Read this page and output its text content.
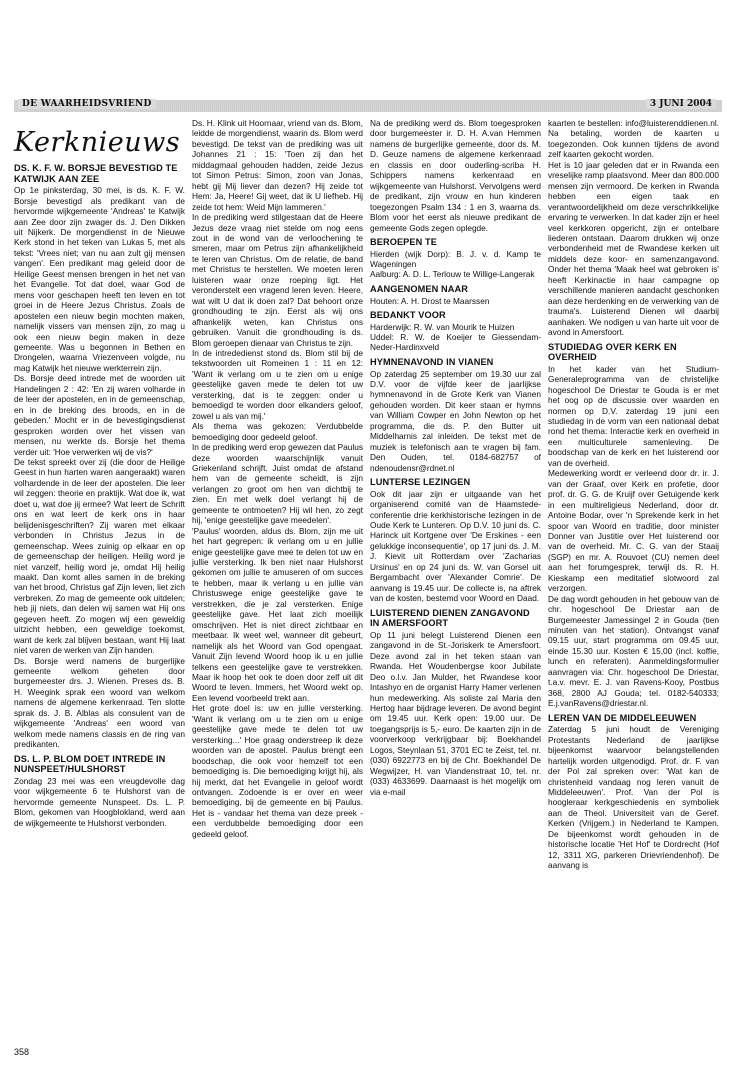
DE WAARHEIDSVRIEND	3 JUNI 2004
Kerknieuws
DS. K. F. W. BORSJE BEVESTIGD TE KATWIJK AAN ZEE

Op 1e pinksterdag, 30 mei, is ds. K. F. W. Borsje bevestigd als predikant van de hervormde wijkgemeente 'Andreas' te Katwijk aan Zee door zijn zwager ds. J. Den Dikken uit Nijkerk. De morgendienst in de Nieuwe Kerk stond in het teken van Lukas 5, met als tekst: 'Vrees niet; van nu aan zult gij mensen vangen'. Een predikant mag geleid door de Heilige Geest mensen brengen in het net van het Evangelie. Tot dat doel, waar God de mens voor geschapen heeft ten leven en tot groei in de Heere Jezus Christus. Zoals de apostelen een nieuw begin mochten maken, namelijk vissers van mensen zijn, zo mag u ook een nieuw begin maken in deze gemeente. Was u begonnen in Bethen en Drongelen, waarna Vriezenveen volgde, nu mag Katwijk het nieuwe werkterrein zijn.

Ds. Borsje deed intrede met de woorden uit Handelingen 2 : 42: 'En zij waren volharde in de leer der apostelen, en in de gemeenschap, en in de breking des broods, en in de gebeden.' Mocht er in de bevestigingsdienst gesproken worden over het vissen van mensen, nu werkte ds. Borsje het thema verder uit: 'Hoe verwerken wij de vis?'

De tekst spreekt over zij (die door de Heilige Geest in hun harten waren aangeraakt) waren volhardende in de leer der apostelen. Die leer wil zeggen: theorie en praktijk. Wat doe ik, wat doet u, wat doe jij ermee? Wat leert de Schrift ons en wat leert de kerk ons in haar belijdenisgeschriften? Zij waren met elkaar verbonden in Christus Jezus in de gemeenschap. Wees zuinig op elkaar en op de gemeenschap der heiligen. Heilig word je niet vanzelf, heilig word je, omdat Hij heilig maakt. Dan komt alles samen in de breking van het brood, Christus gaf Zijn leven, liet zich verbreken. Zo mag de gemeente ook uitdelen; heb jij niets, dan delen wij samen wat Hij ons gegeven heeft. Zo mogen wij een geweldig uitzicht hebben, een geweldige toekomst, want de kerk zal blijven bestaan, want Hij laat niet varen de werken van Zijn handen.

Ds. Borsje werd namens de burgerlijke gemeente welkom geheten door burgemeester drs. J. Wienen. Preses ds. B. H. Weegink sprak een woord van welkom namens de algemene kerkenraad. Ten slotte sprak ds. J. B. Alblas als consulent van de wijkgemeente 'Andreas' een woord van welkom mede namens classis en de ring van predikanten.

DS. L. P. BLOM DOET INTREDE IN NUNSPEET/HULSHORST

Zondag 23 mei was een vreugdevolle dag voor wijkgemeente 6 te Hulshorst van de hervormde gemeente Nunspeet. Ds. L. P. Blom, gekomen van Hoogblokland, werd aan de wijkgemeente te Hulshorst verbonden.

Ds. H. Klink uit Hoornaar, vriend van ds. Blom, leidde de morgendienst, waarin ds. Blom werd bevestigd. De tekst van de prediking was uit Johannes 21 : 15: 'Toen zij dan het middagmaal gehouden hadden, zeide Jezus tot Simon Petrus: Simon, zoon van Jonas, hebt gij Mij liever dan dezen? Hij zeide tot Hem: Ja, Heere! Gij weet, dat ik U liefheb. Hij zeide tot hem: Weid Mijn lammeren.'

In de prediking werd stilgestaan dat de Heere Jezus deze vraag niet stelde om nog eens zout in de wond van de verloochening te smeren, maar om Petrus zijn afhankelijkheid te leren van Christus. Om de relatie, de band met Christus te herstellen. We moeten leren luisteren waar onze roeping ligt. Het veronderstelt een vragend leren leven. Heere, wat wilt U dat ik doen zal? Dat behoort onze grondhouding te zijn. Eerst als wij ons afhankelijk weten, kan Christus ons gebruiken. Vanuit die grondhouding is ds. Blom geroepen dienaar van Christus te zijn.

In de intrededienst stond ds. Blom stil bij de tekstwoorden uit Romeinen 1 : 11 en 12: 'Want ik verlang om u te zien om u enige geestelijke gaven mede te delen tot uw versterking, dat is te zeggen: onder u bemoedigd te worden door elkanders geloof, zowel u als van mij.'

Als thema was gekozen: Verdubbelde bemoediging door gedeeld geloof.

In de prediking werd erop gewezen dat Paulus deze woorden waarschijnlijk vanuit Griekenland schrijft. Juist omdat de afstand hem van de gemeente scheidt, is zijn verlangen zo groot om hen van dichtbij te zien. En met welk doel verlangt hij de gemeente te ontmoeten? Hij wil hen, zo zegt hij, 'enige geestelijke gave meedelen'.

'Paulus' woorden, aldus ds. Blom, zijn me uit het hart gegrepen: ik verlang om u en jullie enige geestelijke gave mee te delen tot uw en jullie versterking. Ik ben niet naar Hulshorst gekomen om jullie te amuseren of om succes te hebben, maar ik verlang u en jullie van Christuswege enige geestelijke gave te verstrekken, die je zal versterken. Enige geestelijke gave. Het laat zich moeilijk omschrijven. Het is niet direct zichtbaar en meetbaar. Ik weet wel, wanneer dit gebeurt, namelijk als het Woord van God opengaat. Vanuit Zijn levend Woord hoop ik u en jullie telkens een geestelijke gave te verstrekken. Maar ik hoop het ook te doen door zelf uit dit Woord te leven. Immers, het Woord wekt op. Een levend voorbeeld trekt aan.

Het grote doel is: uw en jullie versterking. 'Want ik verlang om u te zien om u enige geestelijke gave mede te delen tot uw versterking...' Hoe graag onderstreep ik deze woorden van de apostel. Paulus brengt een boodschap, die ook voor hemzelf tot een bemoediging is. Die bemoediging krijgt hij, als hij merkt, dat het Evangelie in geloof wordt ontvangen. Zodoende is er over en weer bemoediging, bij de gemeente en bij Paulus. Het is - vandaar het thema van deze preek - een verdubbelde bemoediging door een gedeeld geloof.

Na de prediking werd ds. Blom toegesproken door burgemeester ir. D. H. A.van Hemmen namens de burgerlijke gemeente, door ds. M. D. Geuze namens de algemene kerkenraad en classis en door ouderling-scriba H. Schippers namens kerkenraad en wijkgemeente van Hulshorst. Vervolgens werd de predikant, zijn vrouw en hun kinderen toegezongen Psalm 134 : 1 en 3, waarna ds. Blom voor het eerst als nieuwe predikant de gemeente Gods zegen oplegde.

BEROEPEN TE

Hierden (wijk Dorp): B. J. v. d. Kamp te Wageningen

Aalburg: A. D. L. Terlouw te Willige-Langerak

AANGENOMEN NAAR

Houten: A. H. Drost te Maarssen

BEDANKT VOOR

Harderwijk: R. W. van Mourik te Huizen

Uddel: R. W. de Koeijer te Giessendam-Neder-Hardinxveld

HYMNENAVOND IN VIANEN

Op zaterdag 25 september om 19.30 uur zal D.V. voor de vijfde keer de jaarlijkse hymnenavond in de Grote Kerk van Vianen gehouden worden. Dit keer staan er hymns van William Cowper en John Newton op het programma, die ds. P. den Butter uit Middelharnis zal inleiden. De tekst met de muziek is telefonisch aan te vragen bij fam. Den Ouden, tel. 0184-682757 of ndenoudensr@rdnet.nl

LUNTERSE LEZINGEN

Ook dit jaar zijn er uitgaande van het organiserend comité van de Haamstede-conferentie drie kerkhistorische lezingen in de Oude Kerk te Lunteren. Op D.V. 10 juni ds. C. Harinck uit Kortgene over 'De Erskines - een gelukkige inconsequentie', op 17 juni ds. J. M. J. Kievit uit Rotterdam over 'Zacharias Ursinus' en op 24 juni ds. W. van Gorsel uit Bergambacht over 'Alexander Comrie'. De aanvang is 19.45 uur. De collecte is, na aftrek van de kosten, bestemd voor Woord en Daad.

LUISTEREND DIENEN ZANGAVOND IN AMERSFOORT

Op 11 juni belegt Luisterend Dienen een zangavond in de St.-Joriskerk te Amersfoort. Deze avond zal in het teken staan van Rwanda. Het Woudenbergse koor Jubilate Deo o.l.v. Jan Mulder, het Rwandese koor Intashyo en de organist Harry Hamer verlenen hun medewerking. Als soliste zal Maria den Hertog haar bijdrage leveren. De avond begint om 19.45 uur. Kerk open: 19.00 uur. De toegangsprijs is 5,- euro. De kaarten zijn in de voorverkoop verkrijgbaar bij: Boekhandel Logos, Steynlaan 51, 3701 EC te Zeist, tel. nr. (030) 6922773 en bij de Chr. Boekhandel De Wegwijzer, H. van Viandenstraat 10, tel. nr. (033) 4633699. Daarnaast is het mogelijk om via e-mail

kaarten te bestellen: info@luisterenddienen.nl. Na betaling, worden de kaarten u toegezonden. Ook kunnen tijdens de avond zelf kaarten gekocht worden.

Het is 10 jaar geleden dat er in Rwanda een vreselijke ramp plaatsvond. Meer dan 800.000 mensen zijn vermoord. De kerken in Rwanda hebben een eigen taak en verantwoordelijkheid om deze verschrikkelijke ervaring te verwerken. In dat kader zijn er heel veel kerkkoren opgericht, zijn er ontelbare liederen ontstaan. Daarom drukken wij onze verbondenheid met de Rwandese kerken uit middels deze koor- en samenzangavond. Onder het thema 'Maak heel wat gebroken is' heeft Kerkinactie in haar campagne op verschillende manieren aandacht geschonken aan deze herdenking en de verwerking van de trauma's. Luisterend Dienen wil daarbij aanhaken. We nodigen u van harte uit voor de avond in Amersfoort.

STUDIEDAG OVER KERK EN OVERHEID

In het kader van het Studium-Generaleprogramma van de christelijke hogeschool De Driestar te Gouda is er met het oog op de discussie over waarden en normen op D.V. zaterdag 19 juni een studiedag in de vorm van een nationaal debat rond het thema: Interactie kerk en overheid in een multiculturele samenleving. De boodschap van de kerk en het luisterend oor van de overheid.

Medewerking wordt er verleend door dr. ir. J. van der Graaf, over Kerk en profetie, door prof. dr. G. G. de Kruijf over Getuigende kerk in een multireligieus Nederland, door dr. Antoine Bodar, over 'n Sprekende kerk in het spoor van Woord en traditie, door minister Donner van Justitie over Het luisterend oor van de overheid. Mr. C. G. van der Staaij (SGP) en mr. A. Rouvoet (CU) nemen deel aan het forumgesprek, terwijl ds. R. H. Kieskamp een meditatief slotwoord zal verzorgen.

De dag wordt gehouden in het gebouw van de chr. hogeschool De Driestar aan de Burgemeester Jamessingel 2 in Gouda (tien minuten van het station). Ontvangst vanaf 09.15 uur, start programma om 09.45 uur, einde 15.30 uur. Kosten € 15,00 (incl. koffie, lunch en referaten). Aanmeldingsformulier aanvragen via: Chr. hogeschool De Driestar, t.a.v. mevr. E. J. van Ravens-Kooy, Postbus 368, 2800 AJ Gouda; tel. 0182-540333; E.j.vanRavens@driestar.nl.

LEREN VAN DE MIDDELEEUWEN

Zaterdag 5 juni houdt de Vereniging Protestants Nederland de jaarlijkse bijeenkomst waarvoor belangstellenden hartelijk worden uitgenodigd. Prof. dr. F. van der Pol zal spreken over: 'Wat kan de christenheid vandaag nog leren vanuit de Middeleeuwen'. Prof. Van der Pol is hoogleraar kerkgeschiedenis en symboliek aan de Theol. Universiteit van de Geref. Kerken (Vrijgem.) in Nederland te Kampen. De bijeenkomst wordt gehouden in de historische locatie 'Het Hof' te Dordrecht (Hof 12, 3311 XG, parkeren Drievriendenhof). De aanvang is

358
